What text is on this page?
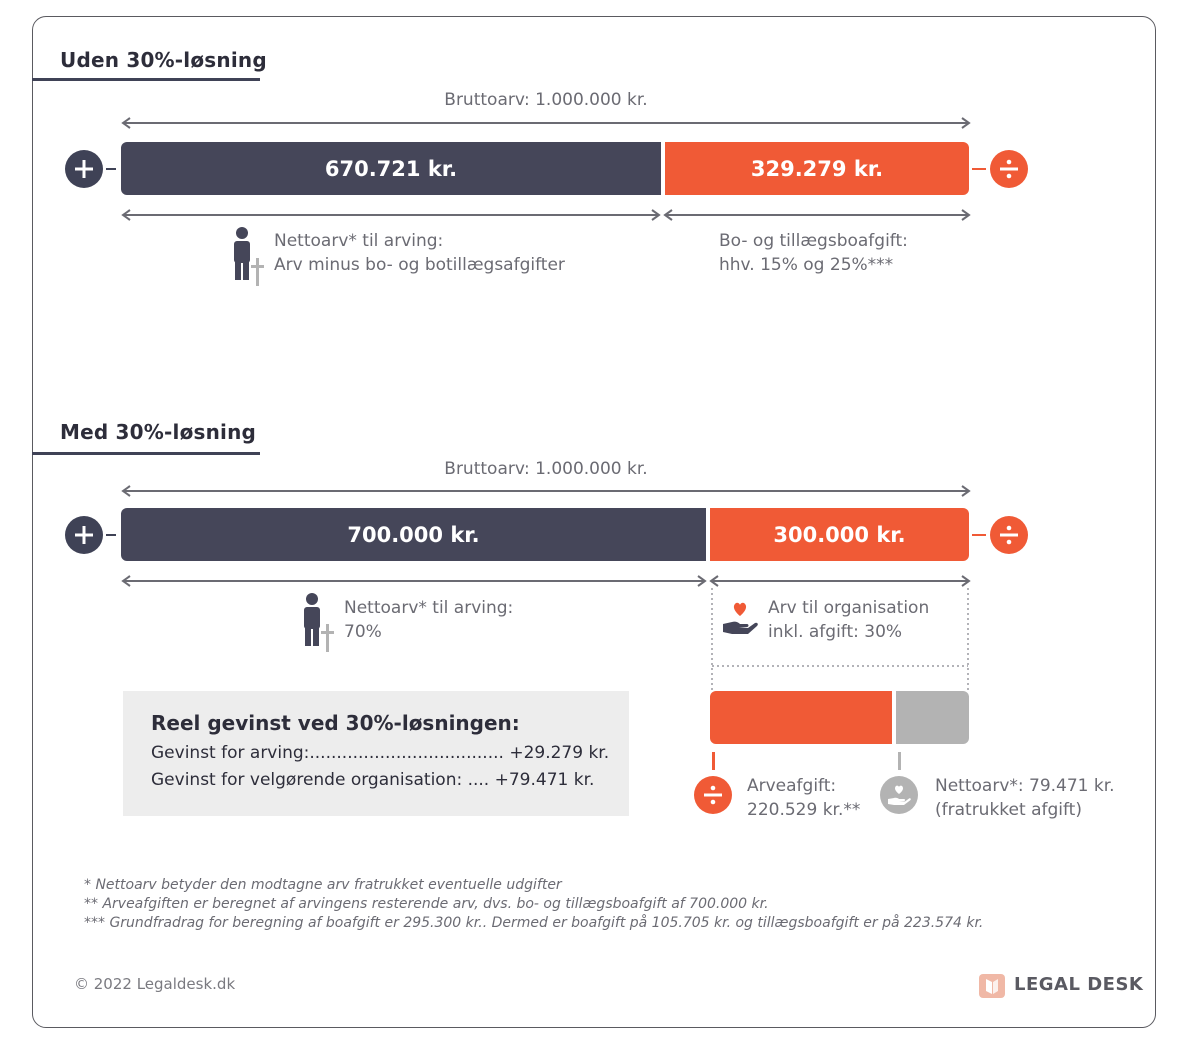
Uden 30%-løsning
Bruttoarv: 1.000.000 kr.
670.721 kr.	329.279 kr.
Nettoarv* til arving:
Arv minus bo- og botillægsafgifter
Bo- og tillægsboafgift:
hhv. 15% og 25%***
Med 30%-løsning
Bruttoarv: 1.000.000 kr.
700.000 kr.	300.000 kr.
Nettoarv* til arving:
70%
Arv til organisation
inkl. afgift: 30%
Arveafgift:
220.529 kr.**
Nettoarv*: 79.471 kr.
(fratrukket afgift)
Reel gevinst ved 30%-løsningen:
Gevinst for arving:.................................... +29.279 kr.
Gevinst for velgørende organisation: .... +79.471 kr.
* Nettoarv betyder den modtagne arv fratrukket eventuelle udgifter
** Arveafgiften er beregnet af arvingens resterende arv, dvs. bo- og tillægsboafgift af 700.000 kr.
*** Grundfradrag for beregning af boafgift er 295.300 kr.. Dermed er boafgift på 105.705 kr. og tillægsboafgift er på 223.574 kr.
© 2022 Legaldesk.dk	LEGAL DESK
